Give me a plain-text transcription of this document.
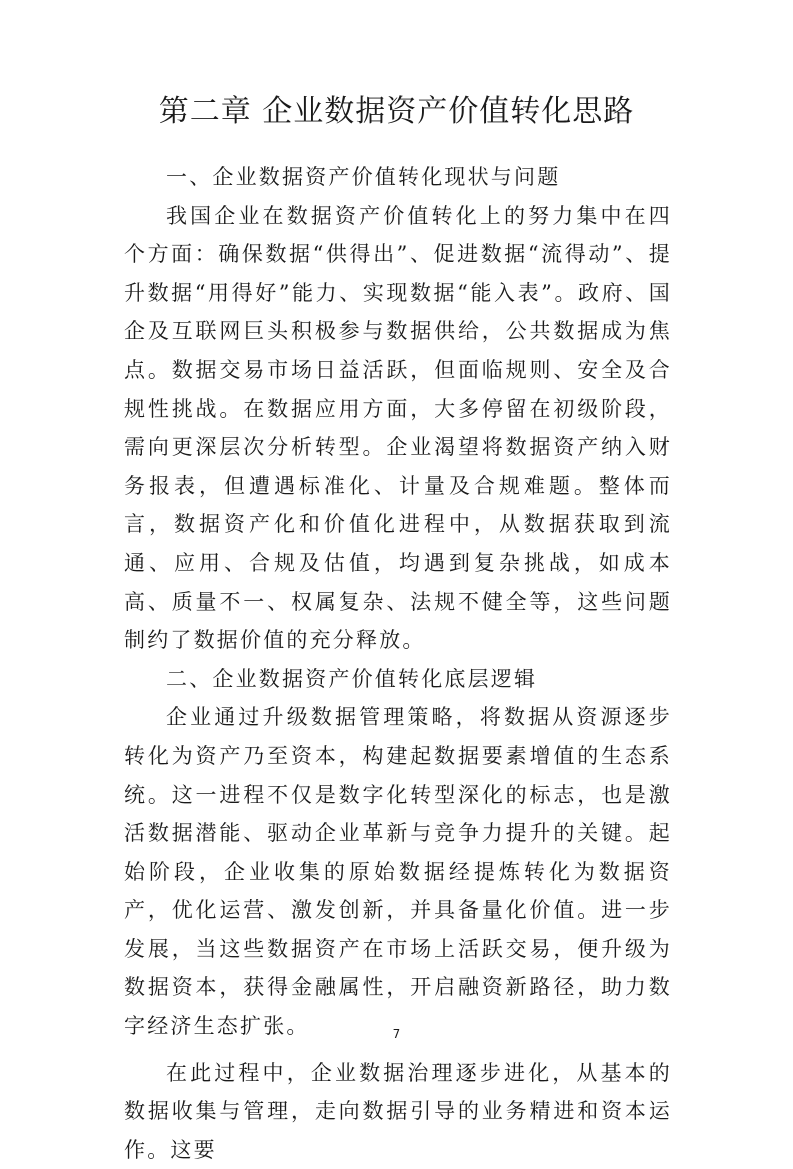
第二章 企业数据资产价值转化思路
一、企业数据资产价值转化现状与问题

我国企业在数据资产价值转化上的努力集中在四个方面：确保数据“供得出”、促进数据“流得动”、提升数据“用得好”能力、实现数据“能入表”。政府、国企及互联网巨头积极参与数据供给，公共数据成为焦点。数据交易市场日益活跃，但面临规则、安全及合规性挑战。在数据应用方面，大多停留在初级阶段，需向更深层次分析转型。企业渴望将数据资产纳入财务报表，但遭遇标准化、计量及合规难题。整体而言，数据资产化和价值化进程中，从数据获取到流通、应用、合规及估值，均遇到复杂挑战，如成本高、质量不一、权属复杂、法规不健全等，这些问题制约了数据价值的充分释放。

二、企业数据资产价值转化底层逻辑

企业通过升级数据管理策略，将数据从资源逐步转化为资产乃至资本，构建起数据要素增值的生态系统。这一进程不仅是数字化转型深化的标志，也是激活数据潜能、驱动企业革新与竞争力提升的关键。起始阶段，企业收集的原始数据经提炼转化为数据资产，优化运营、激发创新，并具备量化价值。进一步发展，当这些数据资产在市场上活跃交易，便升级为数据资本，获得金融属性，开启融资新路径，助力数字经济生态扩张。

在此过程中，企业数据治理逐步进化，从基本的数据收集与管理，走向数据引导的业务精进和资本运作。这要

7
